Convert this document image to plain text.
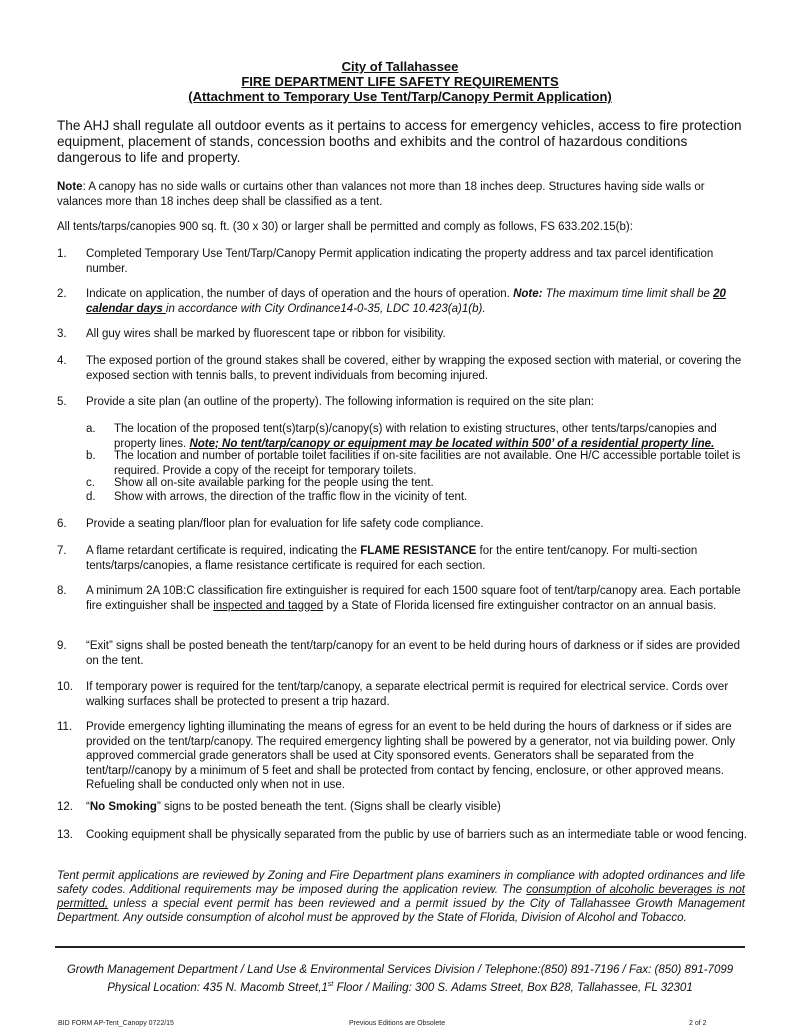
City of Tallahassee
FIRE DEPARTMENT LIFE SAFETY REQUIREMENTS
(Attachment to Temporary Use Tent/Tarp/Canopy Permit Application)
The AHJ shall regulate all outdoor events as it pertains to access for emergency vehicles, access to fire protection equipment, placement of stands, concession booths and exhibits and the control of hazardous conditions dangerous to life and property.
Note: A canopy has no side walls or curtains other than valances not more than 18 inches deep. Structures having side walls or valances more than 18 inches deep shall be classified as a tent.
All tents/tarps/canopies 900 sq. ft. (30 x 30) or larger shall be permitted and comply as follows, FS 633.202.15(b):
1.	Completed Temporary Use Tent/Tarp/Canopy Permit application indicating the property address and tax parcel identification number.
2.	Indicate on application, the number of days of operation and the hours of operation. Note: The maximum time limit shall be 20 calendar days in accordance with City Ordinance14-0-35, LDC 10.423(a)1(b).
3.	All guy wires shall be marked by fluorescent tape or ribbon for visibility.
4.	The exposed portion of the ground stakes shall be covered, either by wrapping the exposed section with material, or covering the exposed section with tennis balls, to prevent individuals from becoming injured.
5.	Provide a site plan (an outline of the property). The following information is required on the site plan:
a.	The location of the proposed tent(s)tarp(s)/canopy(s) with relation to existing structures, other tents/tarps/canopies and property lines. Note; No tent/tarp/canopy or equipment may be located within 500’ of a residential property line.
b.	The location and number of portable toilet facilities if on-site facilities are not available. One H/C accessible portable toilet is required. Provide a copy of the receipt for temporary toilets.
c.	Show all on-site available parking for the people using the tent.
d.	Show with arrows, the direction of the traffic flow in the vicinity of tent.
6.	Provide a seating plan/floor plan for evaluation for life safety code compliance.
7.	A flame retardant certificate is required, indicating the FLAME RESISTANCE for the entire tent/canopy. For multi-section tents/tarps/canopies, a flame resistance certificate is required for each section.
8.	A minimum 2A 10B:C classification fire extinguisher is required for each 1500 square foot of tent/tarp/canopy area. Each portable fire extinguisher shall be inspected and tagged by a State of Florida licensed fire extinguisher contractor on an annual basis.
9.	“Exit” signs shall be posted beneath the tent/tarp/canopy for an event to be held during hours of darkness or if sides are provided on the tent.
10.	If temporary power is required for the tent/tarp/canopy, a separate electrical permit is required for electrical service. Cords over walking surfaces shall be protected to present a trip hazard.
11.	Provide emergency lighting illuminating the means of egress for an event to be held during the hours of darkness or if sides are provided on the tent/tarp/canopy. The required emergency lighting shall be powered by a generator, not via building power. Only approved commercial grade generators shall be used at City sponsored events. Generators shall be separated from the tent/tarp//canopy by a minimum of 5 feet and shall be protected from contact by fencing, enclosure, or other approved means. Refueling shall be conducted only when not in use.
12.	“No Smoking” signs to be posted beneath the tent. (Signs shall be clearly visible)
13.	Cooking equipment shall be physically separated from the public by use of barriers such as an intermediate table or wood fencing.
Tent permit applications are reviewed by Zoning and Fire Department plans examiners in compliance with adopted ordinances and life safety codes. Additional requirements may be imposed during the application review. The consumption of alcoholic beverages is not permitted, unless a special event permit has been reviewed and a permit issued by the City of Tallahassee Growth Management Department. Any outside consumption of alcohol must be approved by the State of Florida, Division of Alcohol and Tobacco.
Growth Management Department / Land Use & Environmental Services Division / Telephone:(850) 891-7196 / Fax: (850) 891-7099
Physical Location: 435 N. Macomb Street,1st Floor / Mailing: 300 S. Adams Street, Box B28, Tallahassee, FL 32301
BID FORM AP-Tent_Canopy 0722/15	Previous Editions are Obsolete	2 of 2
